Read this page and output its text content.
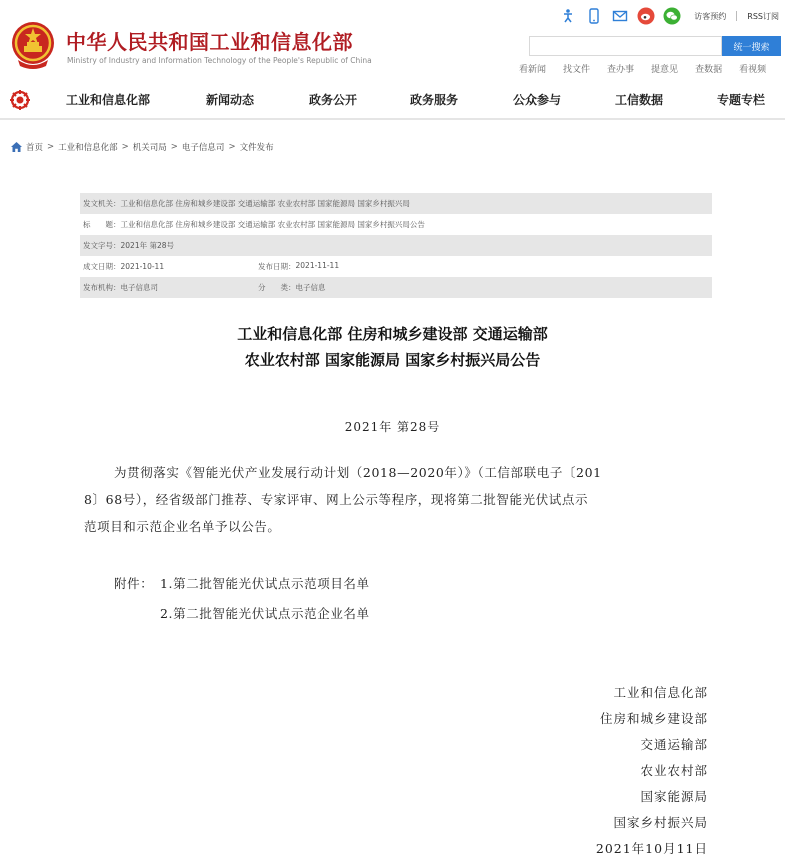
中华人民共和国工业和信息化部
Ministry of Industry and Information Technology of the People's Republic of China
访客预约	RSS订阅
统一搜索
看新闻 找文件 查办事 提意见 查数据 看视频
工业和信息化部	新闻动态	政务公开	政务服务	公众参与	工信数据	专题专栏
首页 > 工业和信息化部 > 机关司局 > 电子信息司 > 文件发布
发文机关： 工业和信息化部 住房和城乡建设部 交通运输部 农业农村部 国家能源局 国家乡村振兴局
标　　题： 工业和信息化部 住房和城乡建设部 交通运输部 农业农村部 国家能源局 国家乡村振兴局公告
发文字号： 2021年 第28号
成文日期： 2021-10-11	发布日期： 2021-11-11
发布机构： 电子信息司	分　　类： 电子信息
工业和信息化部 住房和城乡建设部 交通运输部
农业农村部 国家能源局 国家乡村振兴局公告
2021年 第28号
为贯彻落实《智能光伏产业发展行动计划（2018—2020年）》（工信部联电子〔201
8〕68号），经省级部门推荐、专家评审、网上公示等程序，现将第二批智能光伏试点示
范项目和示范企业名单予以公告。
附件： 1.第二批智能光伏试点示范项目名单
2.第二批智能光伏试点示范企业名单
工业和信息化部
住房和城乡建设部
交通运输部
农业农村部
国家能源局
国家乡村振兴局
2021年10月11日
